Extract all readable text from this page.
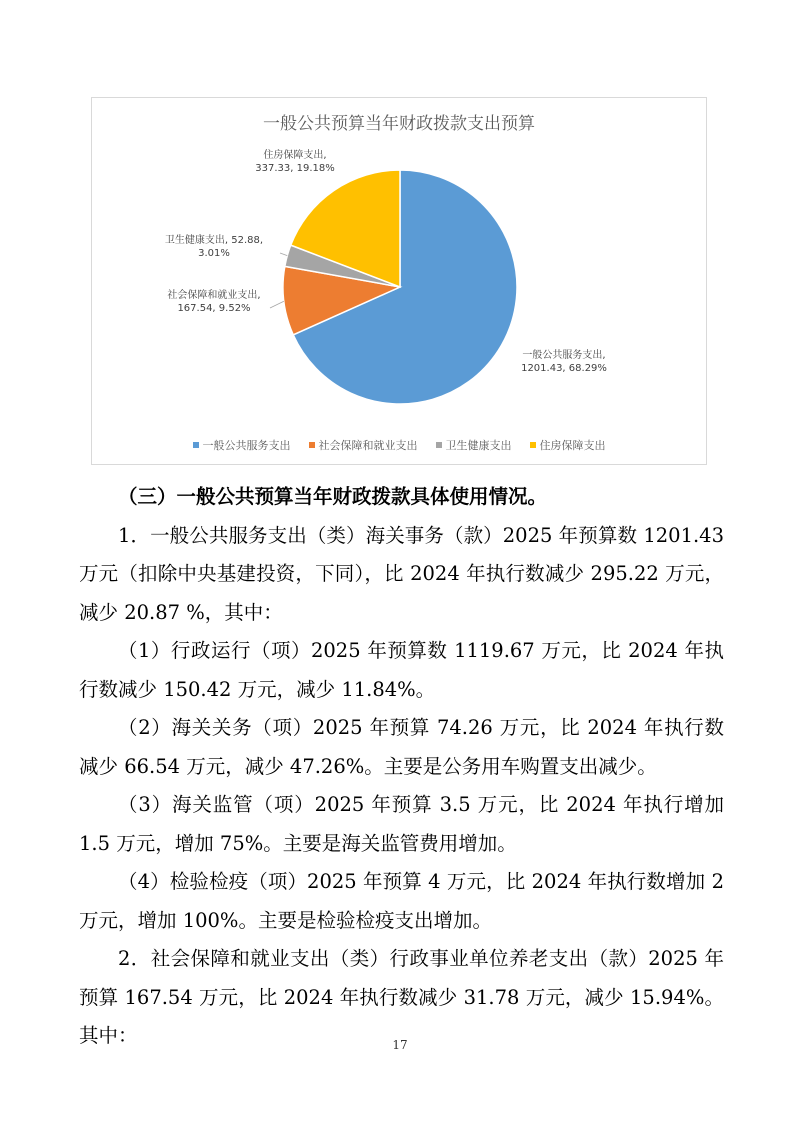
一般公共预算当年财政拨款支出预算
一般公共服务支出, 1201.43, 68.29%
社会保障和就业支出, 167.54, 9.52%
卫生健康支出, 52.88, 3.01%
住房保障支出, 337.33, 19.18%
一般公共服务支出	社会保障和就业支出	卫生健康支出	住房保障支出

（三）一般公共预算当年财政拨款具体使用情况。

1．一般公共服务支出（类）海关事务（款）2025 年预算数 1201.43 万元（扣除中央基建投资，下同），比 2024 年执行数减少 295.22 万元，减少 20.87 %，其中：

（1）行政运行（项）2025 年预算数 1119.67 万元，比 2024 年执行数减少 150.42 万元，减少 11.84%。

（2）海关关务（项）2025 年预算 74.26 万元，比 2024 年执行数减少 66.54 万元，减少 47.26%。主要是公务用车购置支出减少。

（3）海关监管（项）2025 年预算 3.5 万元，比 2024 年执行增加 1.5 万元，增加 75%。主要是海关监管费用增加。

（4）检验检疫（项）2025 年预算 4 万元，比 2024 年执行数增加 2 万元，增加 100%。主要是检验检疫支出增加。

2．社会保障和就业支出（类）行政事业单位养老支出（款）2025 年预算 167.54 万元，比 2024 年执行数减少 31.78 万元，减少 15.94%。其中：	17
